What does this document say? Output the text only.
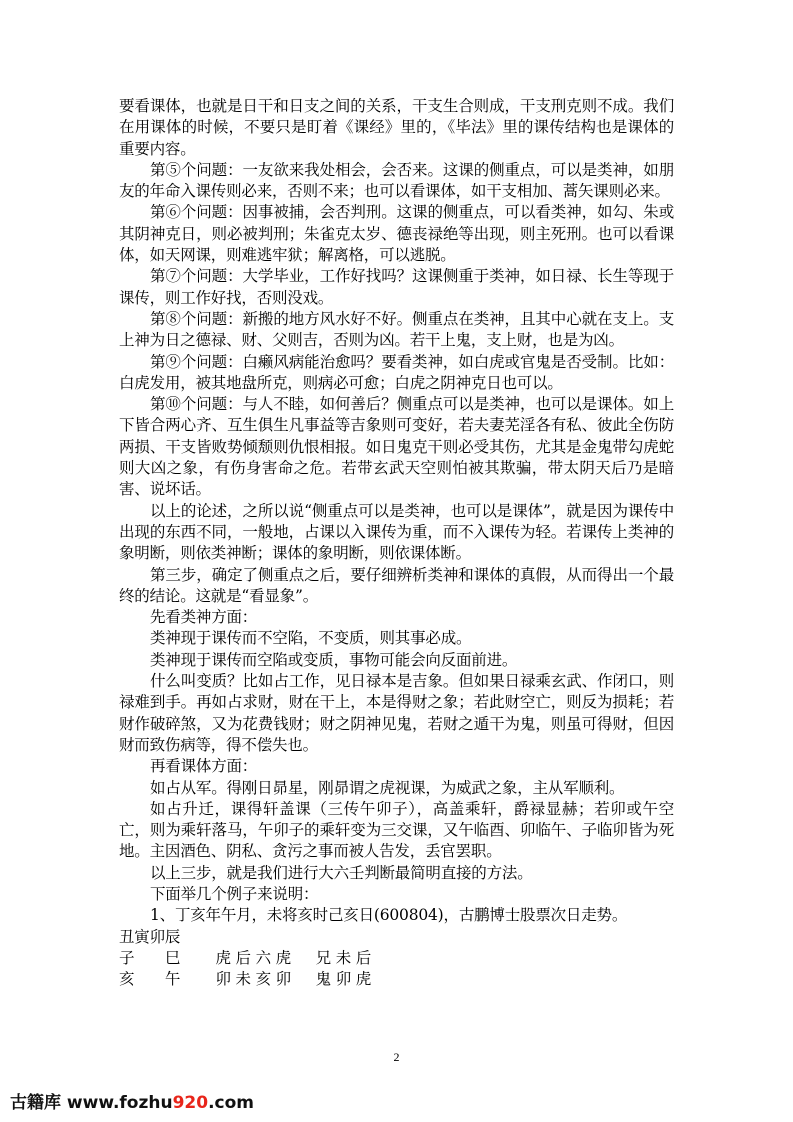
要看课体，也就是日干和日支之间的关系，干支生合则成，干支刑克则不成。我们在用课体的时候，不要只是盯着《课经》里的，《毕法》里的课传结构也是课体的重要内容。

第⑤个问题：一友欲来我处相会，会否来。这课的侧重点，可以是类神，如朋友的年命入课传则必来，否则不来；也可以看课体，如干支相加、蒿矢课则必来。

第⑥个问题：因事被捕，会否判刑。这课的侧重点，可以看类神，如勾、朱或其阴神克日，则必被判刑；朱雀克太岁、德丧禄绝等出现，则主死刑。也可以看课体，如天网课，则难逃牢狱；解离格，可以逃脱。

第⑦个问题：大学毕业，工作好找吗？这课侧重于类神，如日禄、长生等现于课传，则工作好找，否则没戏。

第⑧个问题：新搬的地方风水好不好。侧重点在类神，且其中心就在支上。支上神为日之德禄、财、父则吉，否则为凶。若干上鬼，支上财，也是为凶。

第⑨个问题：白癞风病能治愈吗？要看类神，如白虎或官鬼是否受制。比如：白虎发用，被其地盘所克，则病必可愈；白虎之阴神克日也可以。

第⑩个问题：与人不睦，如何善后？侧重点可以是类神，也可以是课体。如上下皆合两心齐、互生俱生凡事益等吉象则可变好，若夫妻芜淫各有私、彼此全伤防两损、干支皆败势倾颓则仇恨相报。如日鬼克干则必受其伤，尤其是金鬼带勾虎蛇则大凶之象，有伤身害命之危。若带玄武天空则怕被其欺骗，带太阴天后乃是暗害、说坏话。

以上的论述，之所以说“侧重点可以是类神，也可以是课体”，就是因为课传中出现的东西不同，一般地，占课以入课传为重，而不入课传为轻。若课传上类神的象明断，则依类神断；课体的象明断，则依课体断。

第三步，确定了侧重点之后，要仔细辨析类神和课体的真假，从而得出一个最终的结论。这就是“看显象”。

先看类神方面：

类神现于课传而不空陷，不变质，则其事必成。

类神现于课传而空陷或变质，事物可能会向反面前进。

什么叫变质？比如占工作，见日禄本是吉象。但如果日禄乘玄武、作闭口，则禄难到手。再如占求财，财在干上，本是得财之象；若此财空亡，则反为损耗；若财作破碎煞，又为花费钱财；财之阴神见鬼，若财之遁干为鬼，则虽可得财，但因财而致伤病等，得不偿失也。

再看课体方面：

如占从军。得刚日昴星，刚昴谓之虎视课，为威武之象，主从军顺利。

如占升迁，课得轩盖课（三传午卯子），高盖乘轩，爵禄显赫；若卯或午空亡，则为乘轩落马，午卯子的乘轩变为三交课，又午临酉、卯临午、子临卯皆为死地。主因酒色、阴私、贪污之事而被人告发，丢官罢职。

以上三步，就是我们进行大六壬判断最简明直接的方法。

下面举几个例子来说明：

1、丁亥年午月，未将亥时己亥日(600804)，古鹏博士股票次日走势。

丑寅卯辰

子　　巳　　 虎 后 六 虎 　 兄 未 后

亥　　午　　 卯 未 亥 卯 　 鬼 卯 虎

2
古籍库 www.fozhu920.com
